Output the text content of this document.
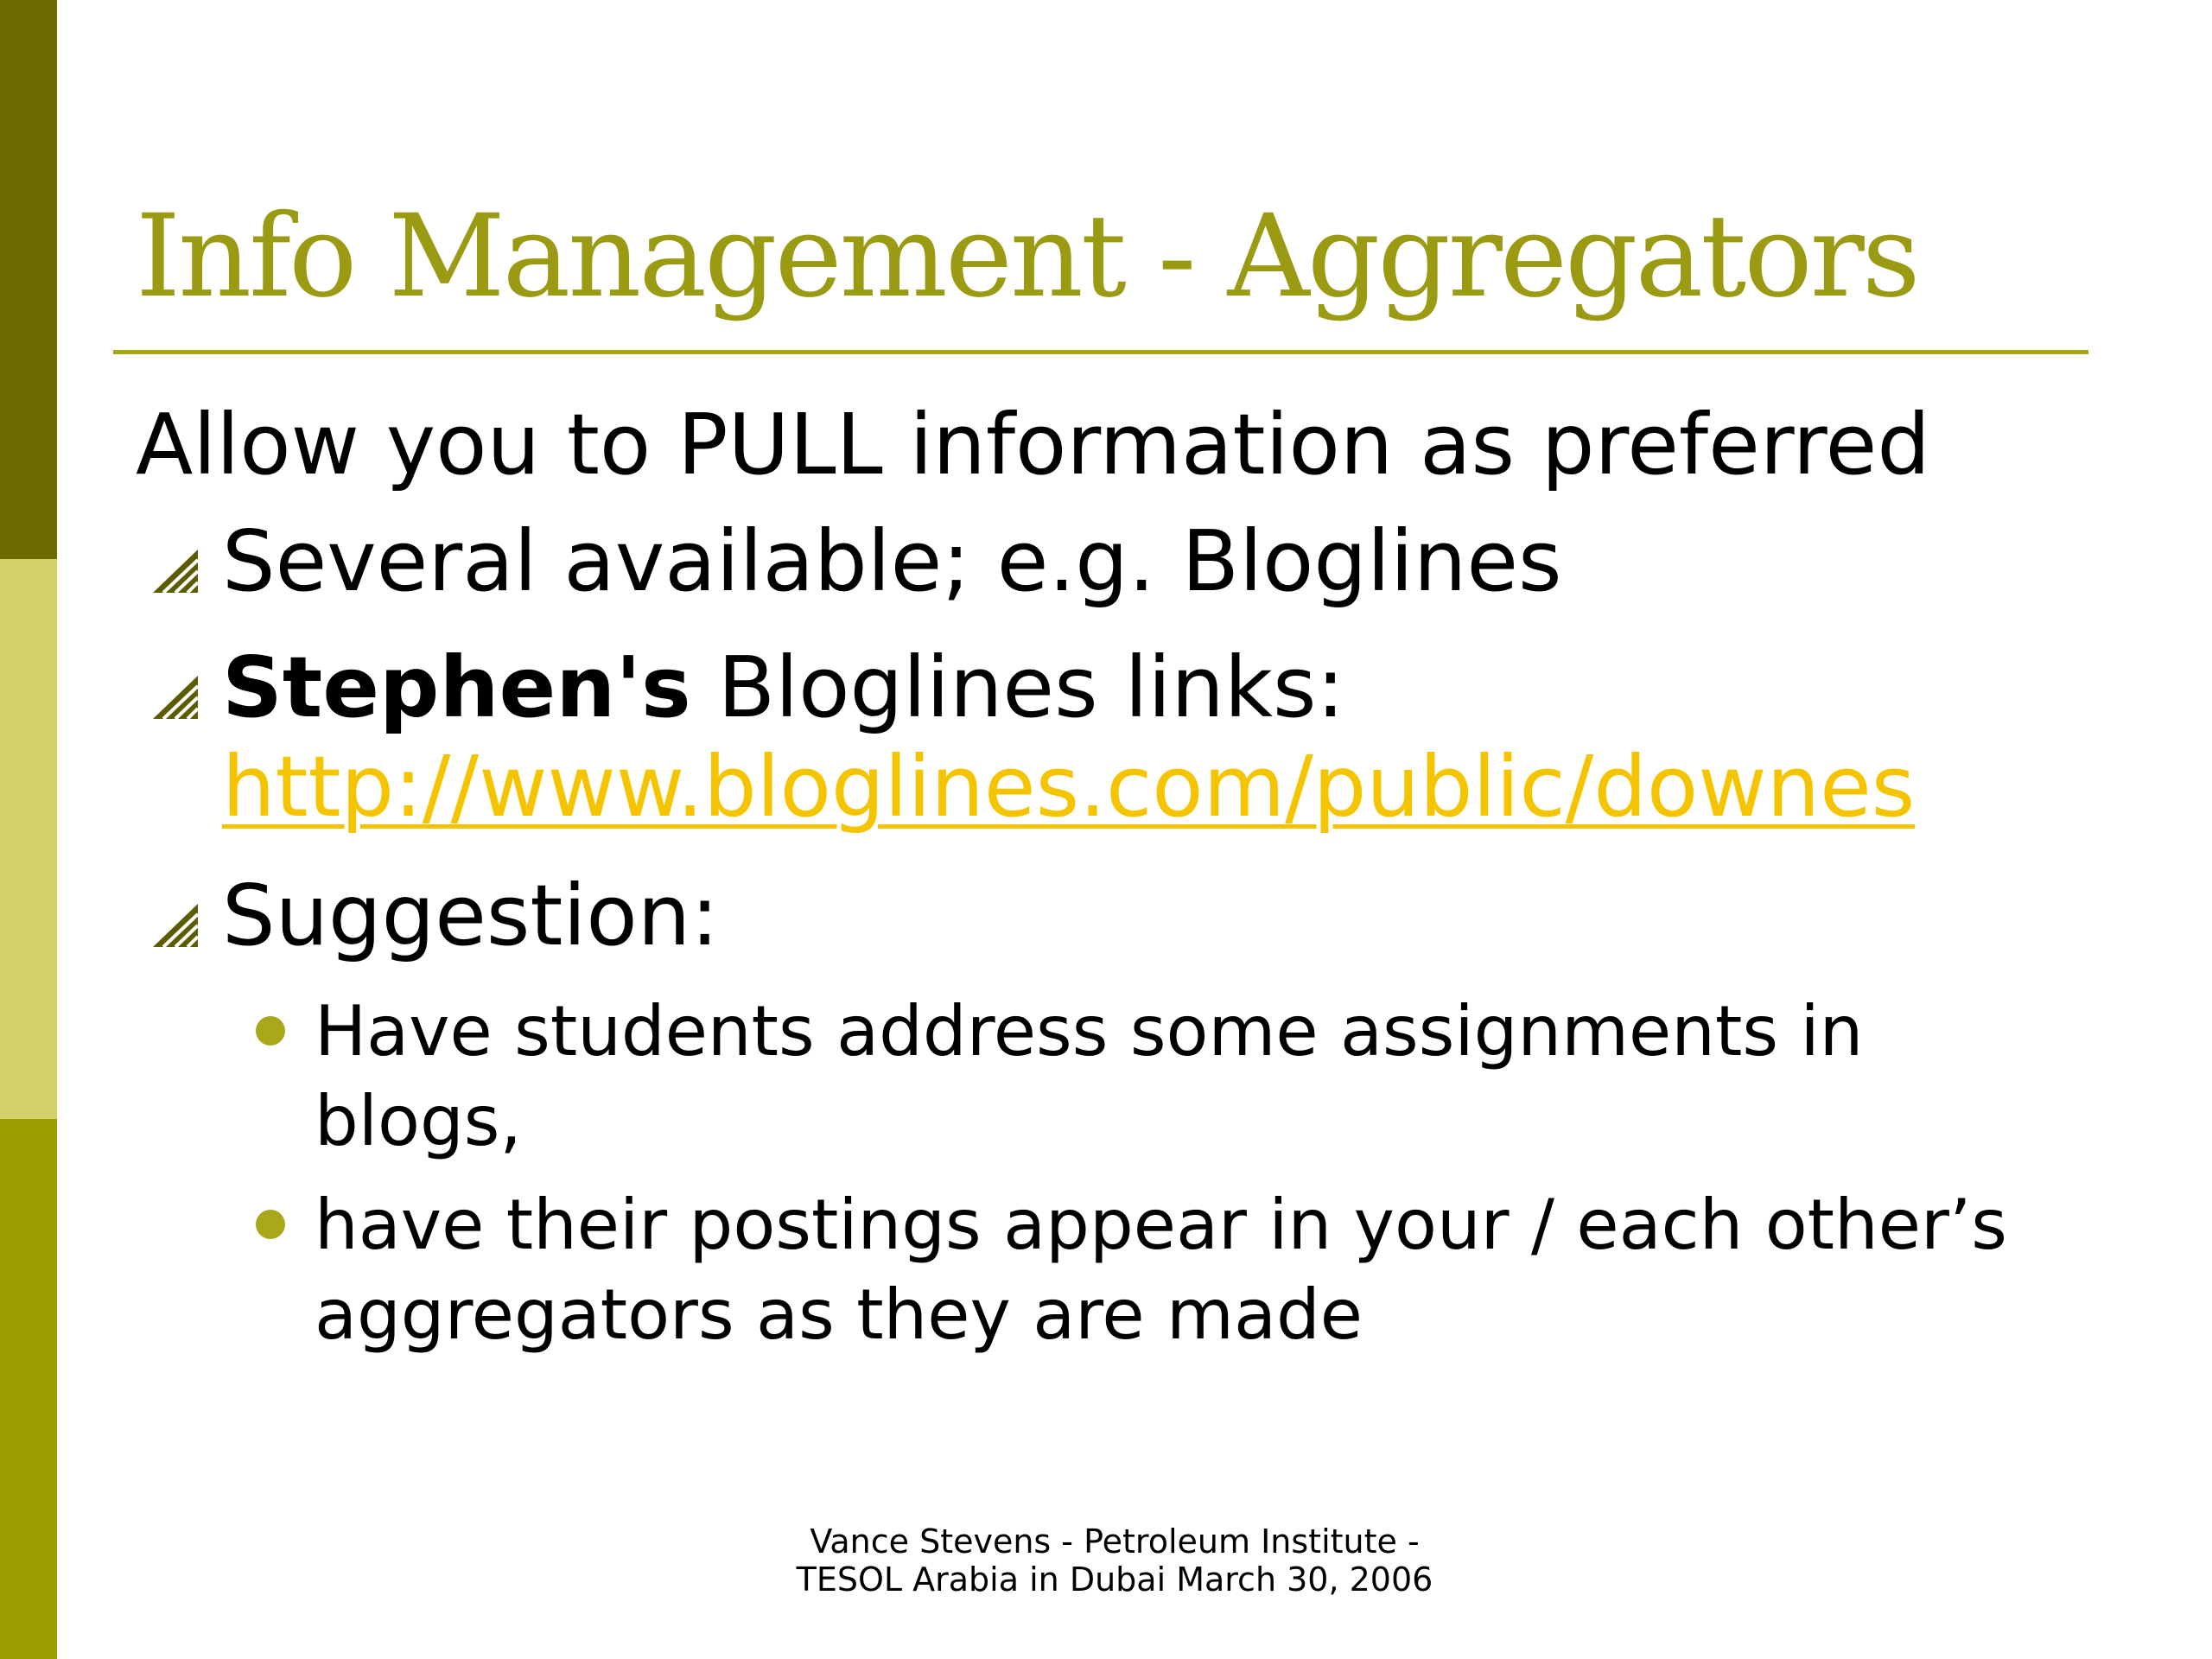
Info Management - Aggregators

Allow you to PULL information as preferred

Several available; e.g. Bloglines
Stephen's Bloglines links:
http://www.bloglines.com/public/downes
Suggestion:
Have students address some assignments in blogs,
have their postings appear in your / each other’s aggregators as they are made
Vance Stevens - Petroleum Institute -
TESOL Arabia in Dubai March 30, 2006
